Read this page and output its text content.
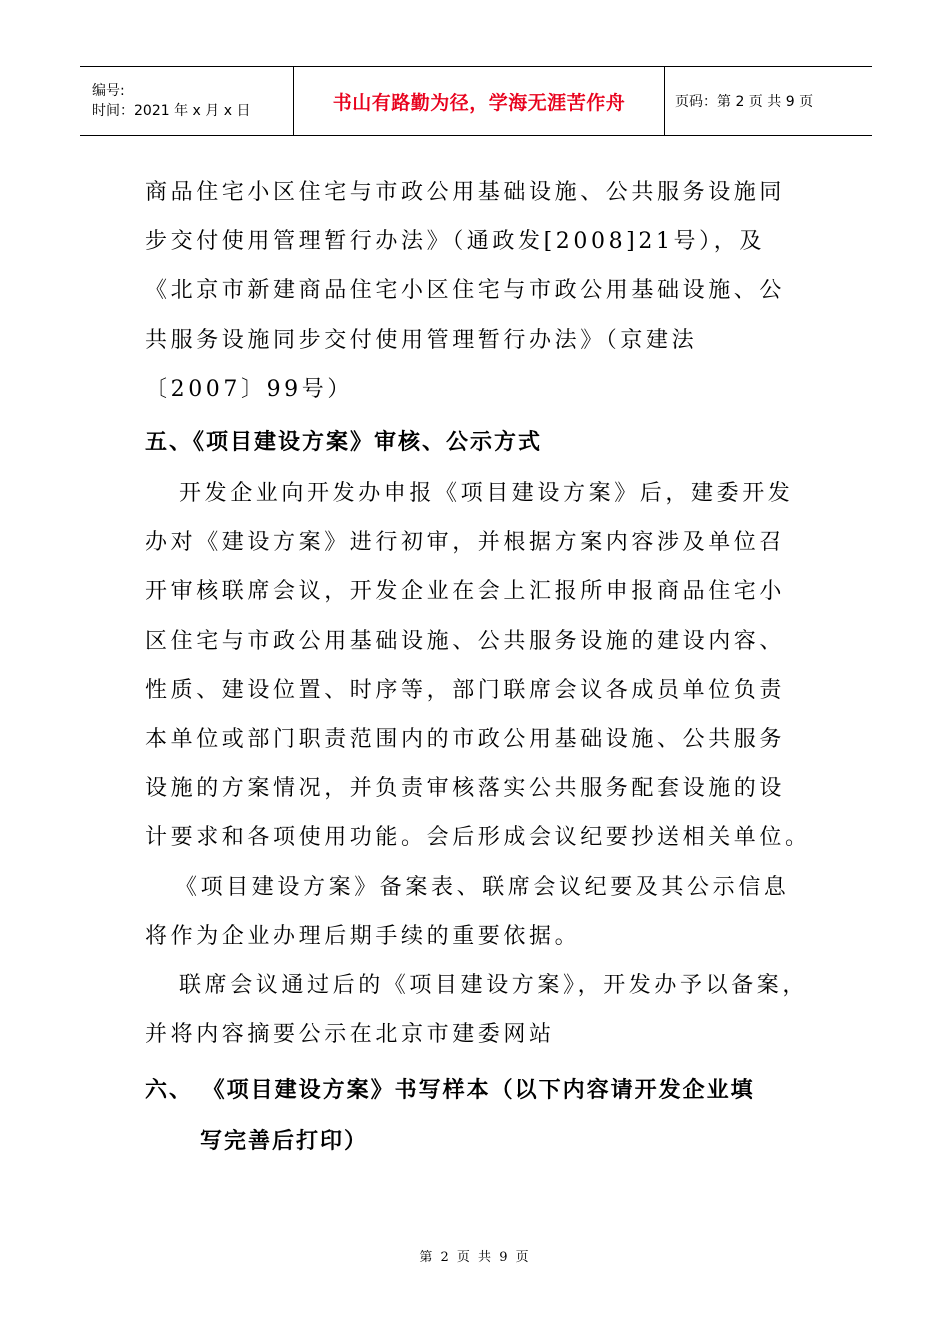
编号:
时间：2021 年 x 月 x 日	书山有路勤为径，学海无涯苦作舟	页码：第 2 页 共 9 页
商品住宅小区住宅与市政公用基础设施、公共服务设施同
步交付使用管理暂行办法》（通政发[2008]21号），及
《北京市新建商品住宅小区住宅与市政公用基础设施、公
共服务设施同步交付使用管理暂行办法》（京建法
〔2007〕99号）
五、《项目建设方案》审核、公示方式
开发企业向开发办申报《项目建设方案》后，建委开发
办对《建设方案》进行初审，并根据方案内容涉及单位召
开审核联席会议，开发企业在会上汇报所申报商品住宅小
区住宅与市政公用基础设施、公共服务设施的建设内容、
性质、建设位置、时序等，部门联席会议各成员单位负责
本单位或部门职责范围内的市政公用基础设施、公共服务
设施的方案情况，并负责审核落实公共服务配套设施的设
计要求和各项使用功能。会后形成会议纪要抄送相关单位。
《项目建设方案》备案表、联席会议纪要及其公示信息
将作为企业办理后期手续的重要依据。
联席会议通过后的《项目建设方案》，开发办予以备案，
并将内容摘要公示在北京市建委网站
六、 《项目建设方案》书写样本（以下内容请开发企业填
写完善后打印）
第 2 页 共 9 页
